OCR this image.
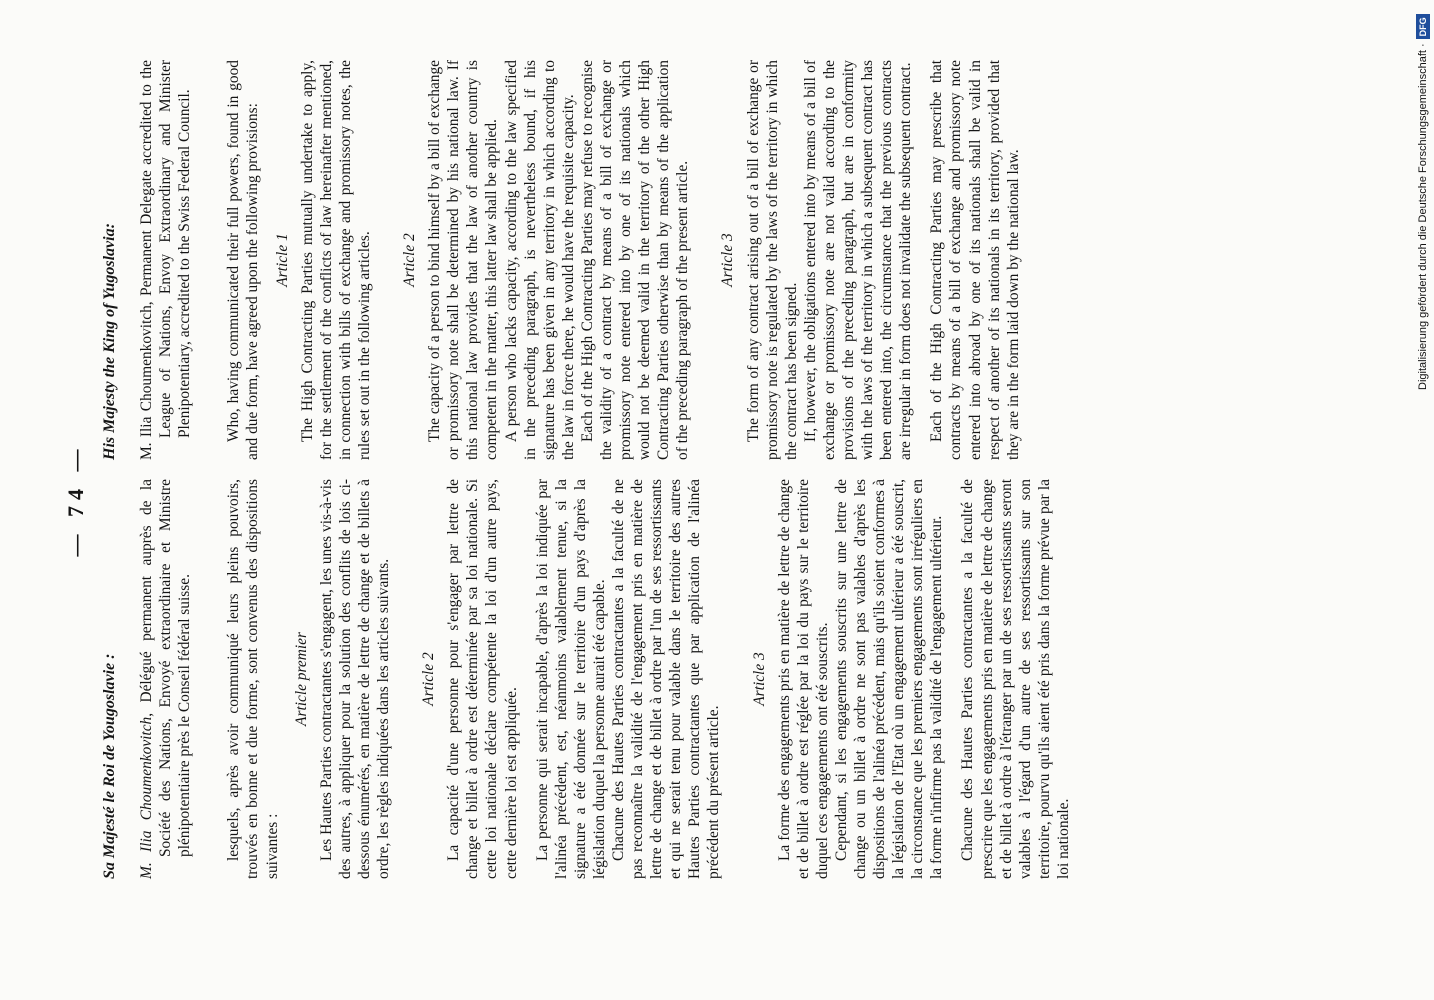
— 74 —
Sa Majesté le Roi de Yougoslavie : M. Ilia Choumenkovitch, Délégué permanent auprès de la Société des Nations, Envoyé extraordinaire et Ministre plénipotentiaire près le Conseil fédéral suisse. lesquels, après avoir communiqué leurs pleins pouvoirs, trouvés en bonne et due forme, sont convenus des dispositions suivantes :

Article premier Les Hautes Parties contractantes s'engagent, les unes vis-à-vis des autres, à appliquer pour la solution des conflits de lois ci-dessous énumérés, en matière de lettre de change et de billets à ordre, les règles indiquées dans les articles suivants. Article 2 La capacité d'une personne pour s'engager par lettre de change et billet à ordre est déterminée par sa loi nationale. Si cette loi nationale déclare compétente la loi d'un autre pays, cette dernière loi est appliquée. La personne qui serait incapable, d'après la loi indiquée par l'alinéa précédent, est, néanmoins valablement tenue, si la signature a été donnée sur le territoire d'un pays d'après la législation duquel la personne aurait été capable. Chacune des Hautes Parties contractantes a la faculté de ne pas reconnaître la validité de l'engagement pris en matière de lettre de change et de billet à ordre par l'un de ses ressortissants et qui ne serait tenu pour valable dans le territoire des autres Hautes Parties contractantes que par application de l'alinéa précédent du présent article.

Article 3 La forme des engagements pris en matière de lettre de change et de billet à ordre est réglée par la loi du pays sur le territoire duquel ces engagements ont été souscrits. Cependant, si les engagements souscrits sur une lettre de change ou un billet à ordre ne sont pas valables d'après les dispositions de l'alinéa précédent, mais qu'ils soient conformes à la législation de l'Etat où un engagement ultérieur a été souscrit, la circonstance que les premiers engagements sont irréguliers en la forme n'infirme pas la validité de l'engagement ultérieur. Chacune des Hautes Parties contractantes a la faculté de prescrire que les engagements pris en matière de lettre de change et de billet à ordre à l'étranger par un de ses ressortissants seront valables à l'égard d'un autre de ses ressortissants sur son territoire, pourvu qu'ils aient été pris dans la forme prévue par la loi nationale.

His Majesty the King of Yugoslavia: M. Ilia Choumenkovitch, Permanent Delegate accredited to the League of Nations, Envoy Extraordinary and Minister Plenipotentiary, accredited to the Swiss Federal Council. Who, having communicated their full powers, found in good and due form, have agreed upon the following provisions: Article 1 The High Contracting Parties mutually undertake to apply, for the settlement of the conflicts of law hereinafter mentioned, in connection with bills of exchange and promissory notes, the rules set out in the following articles. Article 2 The capacity of a person to bind himself by a bill of exchange or promissory note shall be determined by his national law. If this national law provides that the law of another country is competent in the matter, this latter law shall be applied. A person who lacks capacity, according to the law specified in the preceding paragraph, is nevertheless bound, if his signature has been given in any territory in which according to the law in force there, he would have the requisite capacity. Each of the High Contracting Parties may refuse to recognise the validity of a contract by means of a bill of exchange or promissory note entered into by one of its nationals which would not be deemed valid in the territory of the other High Contracting Parties otherwise than by means of the application of the preceding paragraph of the present article. Article 3 The form of any contract arising out of a bill of exchange or promissory note is regulated by the laws of the territory in which the contract has been signed. If, however, the obligations entered into by means of a bill of exchange or promissory note are not valid according to the provisions of the preceding paragraph, but are in conformity with the laws of the territory in which a subsequent contract has been entered into, the circumstance that the previous contracts are irregular in form does not invalidate the subsequent contract. Each of the High Contracting Parties may prescribe that contracts by means of a bill of exchange and promissory note entered into abroad by one of its nationals shall be valid in respect of another of its nationals in its territory, provided that they are in the form laid down by the national law.	Digitalisierung gefördert durch die Deutsche Forschungsgemeinschaft ·DFG
